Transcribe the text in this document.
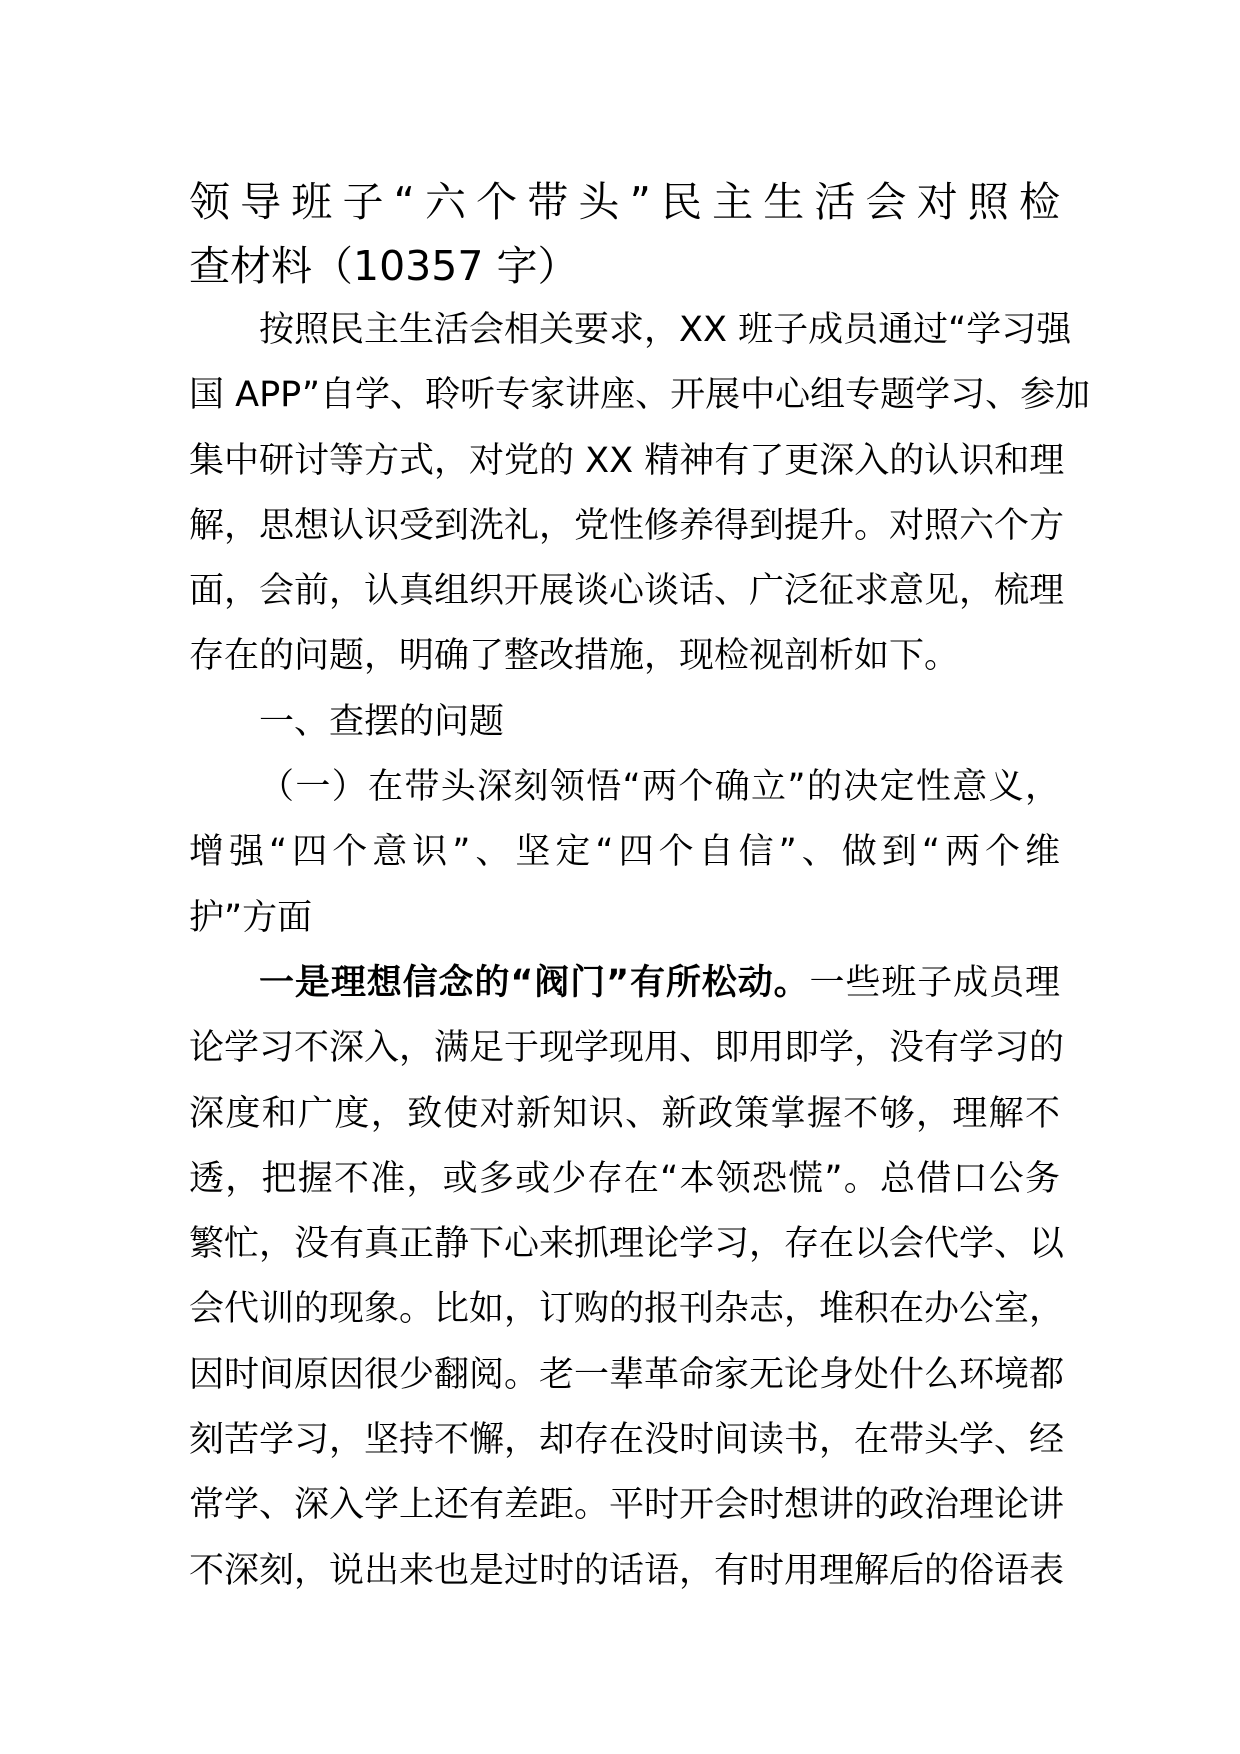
领导班子“六个带头”民主生活会对照检
查材料（10357 字）
按照民主生活会相关要求，XX 班子成员通过“学习强
国 APP”自学、聆听专家讲座、开展中心组专题学习、参加
集中研讨等方式，对党的 XX 精神有了更深入的认识和理
解，思想认识受到洗礼，党性修养得到提升。对照六个方
面，会前，认真组织开展谈心谈话、广泛征求意见，梳理
存在的问题，明确了整改措施，现检视剖析如下。
一、查摆的问题
（一）在带头深刻领悟“两个确立”的决定性意义，
增强“四个意识”、坚定“四个自信”、做到“两个维
护”方面
一是理想信念的“阀门”有所松动。一些班子成员理
论学习不深入，满足于现学现用、即用即学，没有学习的
深度和广度，致使对新知识、新政策掌握不够，理解不
透，把握不准，或多或少存在“本领恐慌”。总借口公务
繁忙，没有真正静下心来抓理论学习，存在以会代学、以
会代训的现象。比如，订购的报刊杂志，堆积在办公室，
因时间原因很少翻阅。老一辈革命家无论身处什么环境都
刻苦学习，坚持不懈，却存在没时间读书，在带头学、经
常学、深入学上还有差距。平时开会时想讲的政治理论讲
不深刻，说出来也是过时的话语，有时用理解后的俗语表
